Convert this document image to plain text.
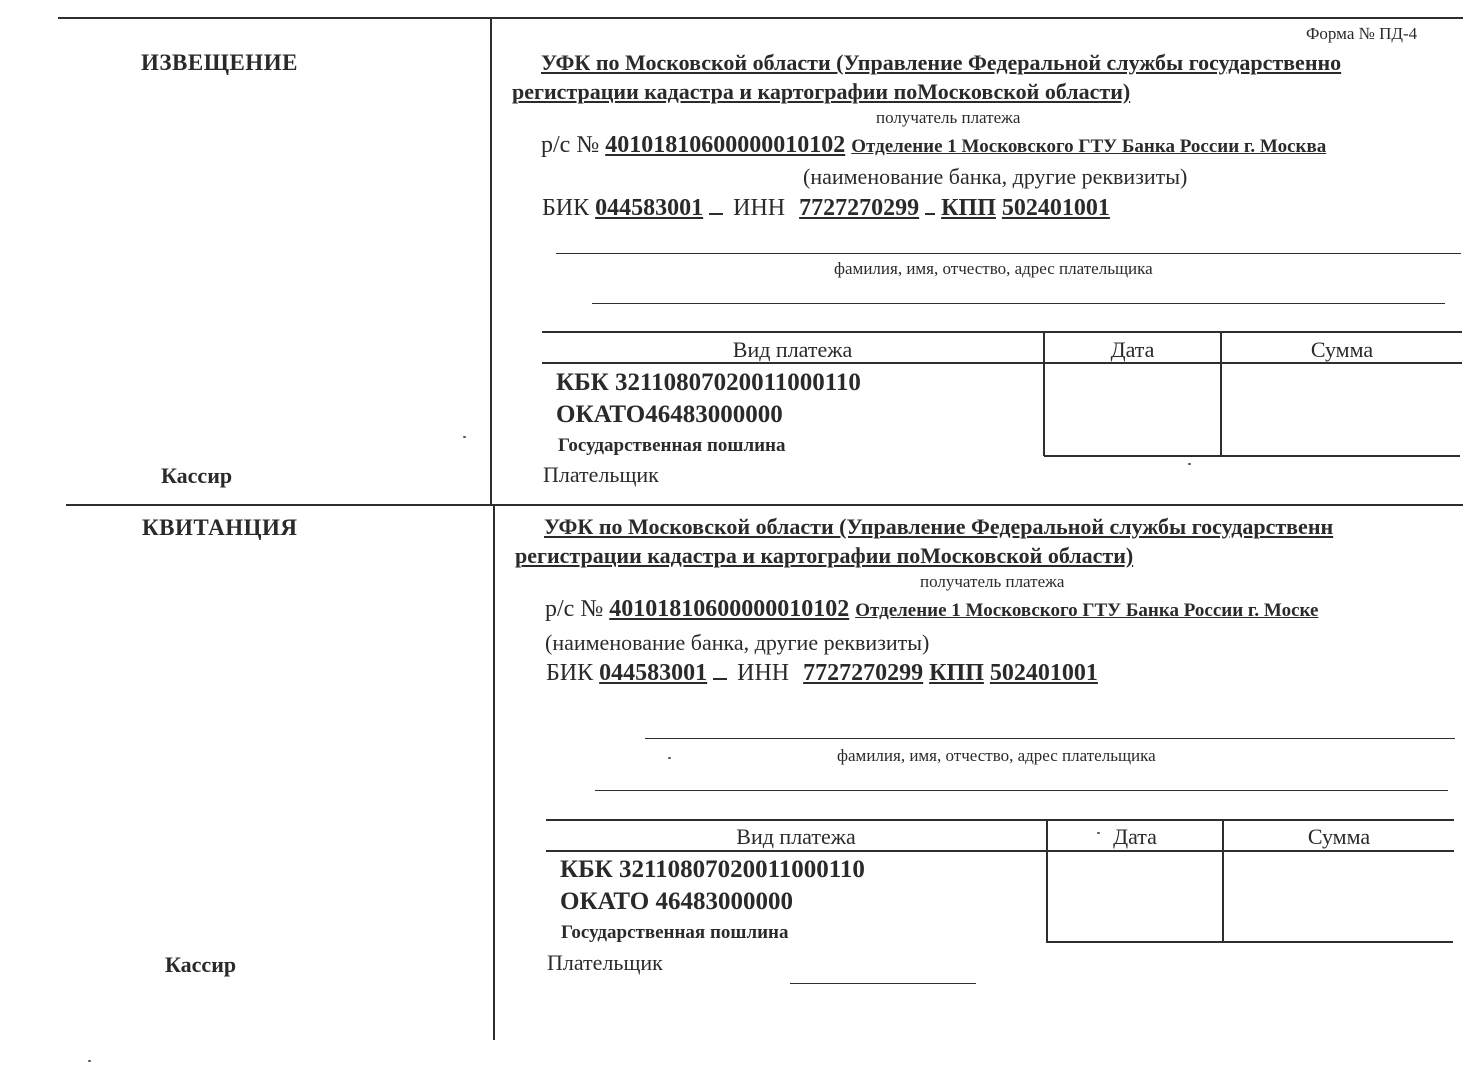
Форма № ПД-4
ИЗВЕЩЕНИЕ	УФК по Московской области (Управление Федеральной службы государственно
регистрации кадастра и картографии поМосковской области)
получатель платежа
р/с № 40101810600000010102 Отделение 1 Московского ГТУ Банка России г. Москва
(наименование банка, другие реквизиты)
БИК 044583001 ИНН 7727270299 КПП 502401001
фамилия, имя, отчество, адрес плательщика
Вид платежа	Дата	Сумма
КБК 32110807020011000110
ОКАТО46483000000
Государственная пошлина
Плательщик
Кассир
КВИТАНЦИЯ	УФК по Московской области (Управление Федеральной службы государственн
регистрации кадастра и картографии поМосковской области)
получатель платежа
р/с № 40101810600000010102 Отделение 1 Московского ГТУ Банка России г. Моске
(наименование банка, другие реквизиты)
БИК 044583001 ИНН 7727270299 КПП 502401001
фамилия, имя, отчество, адрес плательщика
Вид платежа	Дата	Сумма
КБК 32110807020011000110
ОКАТО 46483000000
Государственная пошлина
Плательщик
Кассир
